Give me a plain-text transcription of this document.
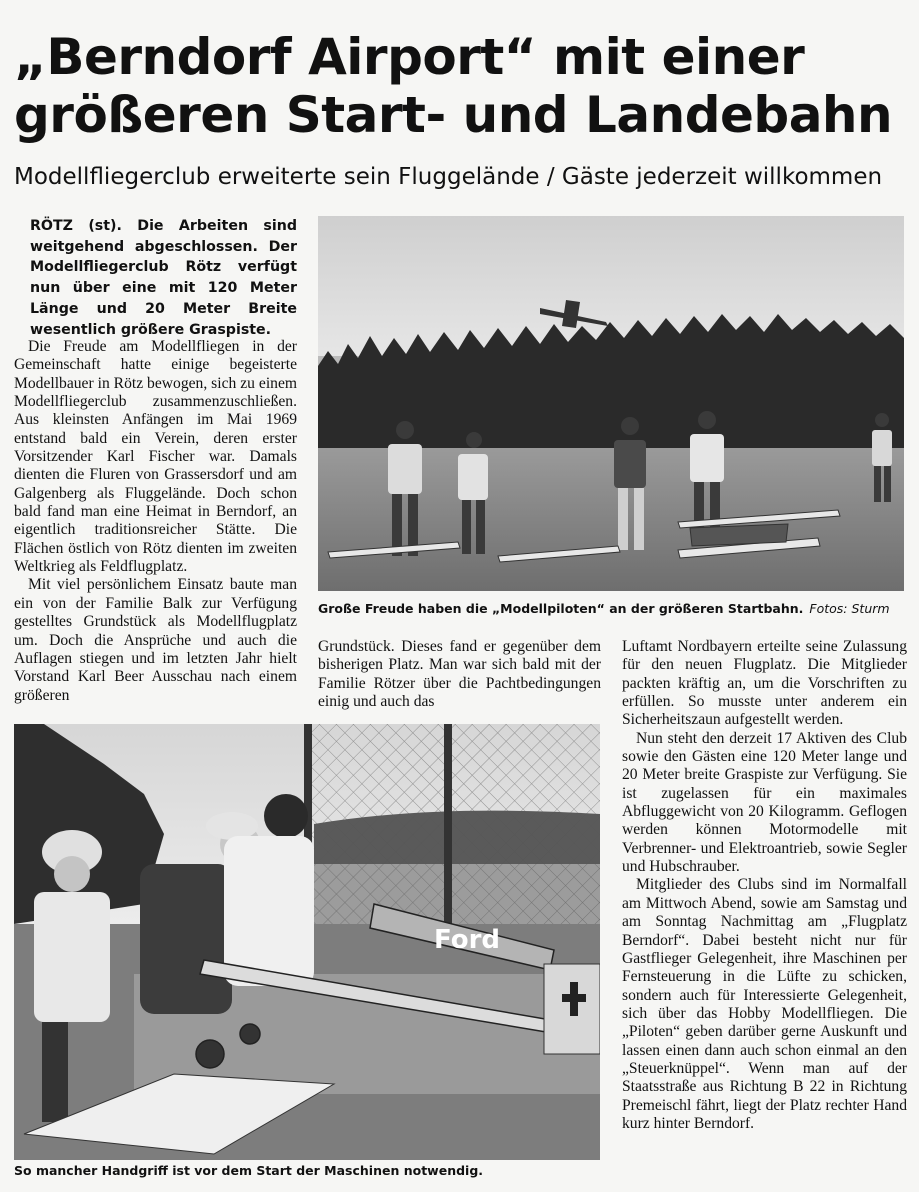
„Berndorf Airport“ mit einer
größeren Start- und Landebahn
Modellfliegerclub erweiterte sein Fluggelände / Gäste jederzeit willkommen
RÖTZ (st). Die Arbeiten sind weitgehend abgeschlossen. Der Modellfliegerclub Rötz verfügt nun über eine mit 120 Meter Länge und 20 Meter Breite wesentlich größere Graspiste.

Die Freude am Modellfliegen in der Gemeinschaft hatte einige begeisterte Modellbauer in Rötz bewogen, sich zu einem Modellfliegerclub zusammenzuschließen. Aus kleinsten Anfängen im Mai 1969 entstand bald ein Verein, deren erster Vorsitzender Karl Fischer war. Damals dienten die Fluren von Grassersdorf und am Galgenberg als Fluggelände. Doch schon bald fand man eine Heimat in Berndorf, an eigentlich traditionsreicher Stätte. Die Flächen östlich von Rötz dienten im zweiten Weltkrieg als Feldflugplatz.

Mit viel persönlichem Einsatz baute man ein von der Familie Balk zur Verfügung gestelltes Grundstück als Modellflugplatz um. Doch die Ansprüche und auch die Auflagen stiegen und im letzten Jahr hielt Vorstand Karl Beer Ausschau nach einem größeren

Grundstück. Dieses fand er gegenüber dem bisherigen Platz. Man war sich bald mit der Familie Rötzer über die Pachtbedingungen einig und auch das

Luftamt Nordbayern erteilte seine Zulassung für den neuen Flugplatz. Die Mitglieder packten kräftig an, um die Vorschriften zu erfüllen. So musste unter anderem ein Sicherheitszaun aufgestellt werden.

Nun steht den derzeit 17 Aktiven des Club sowie den Gästen eine 120 Meter lange und 20 Meter breite Graspiste zur Verfügung. Sie ist zugelassen für ein maximales Abfluggewicht von 20 Kilogramm. Geflogen werden können Motormodelle mit Verbrenner- und Elektroantrieb, sowie Segler und Hubschrauber.

Mitglieder des Clubs sind im Normalfall am Mittwoch Abend, sowie am Samstag und am Sonntag Nachmittag am „Flugplatz Berndorf“. Dabei besteht nicht nur für Gastflieger Gelegenheit, ihre Maschinen per Fernsteuerung in die Lüfte zu schicken, sondern auch für Interessierte Gelegenheit, sich über das Hobby Modellfliegen. Die „Piloten“ geben darüber gerne Auskunft und lassen einen dann auch schon einmal an den „Steuerknüppel“. Wenn man auf der Staatsstraße aus Richtung B 22 in Richtung Premeischl fährt, liegt der Platz rechter Hand kurz hinter Berndorf.

Große Freude haben die „Modellpiloten“ an der größeren Startbahn. Fotos: Sturm
Ford
So mancher Handgriff ist vor dem Start der Maschinen notwendig.
